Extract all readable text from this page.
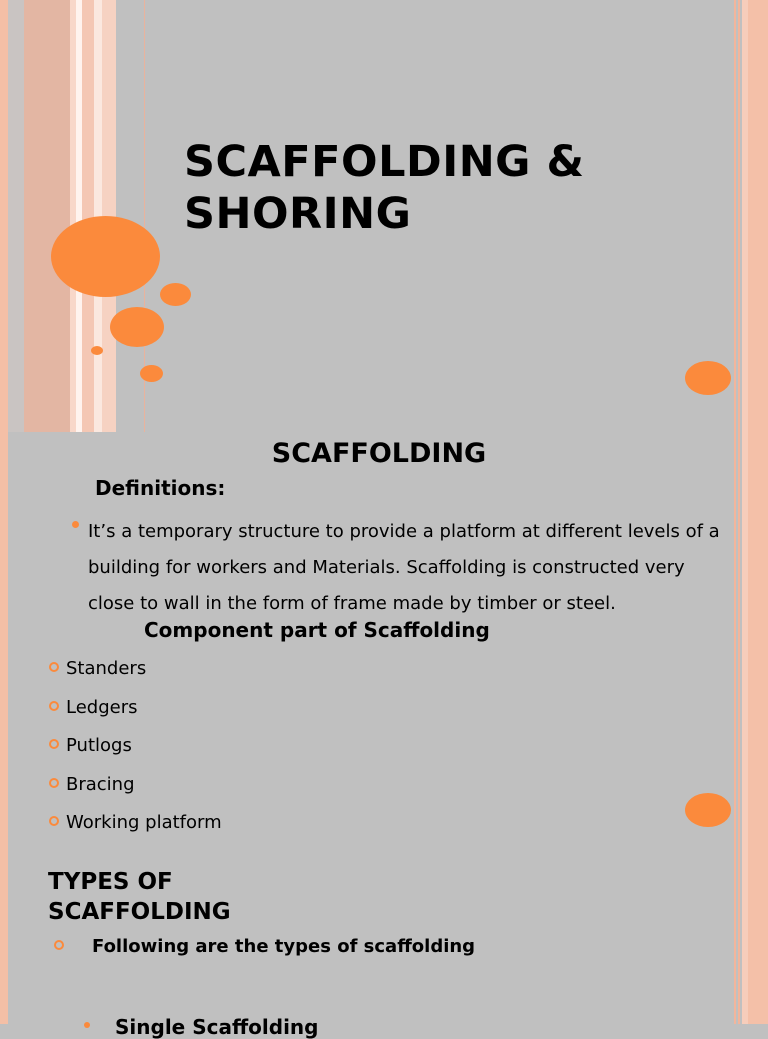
SCAFFOLDING &
SHORING
SCAFFOLDING
Definitions:

It’s a temporary structure to provide a platform at different levels of a building for workers and Materials. Scaffolding is constructed very close to wall in the form of frame made by timber or steel.

Component part of Scaffolding
Standers
Ledgers
Putlogs
Bracing
Working platform
TYPES OF
SCAFFOLDING

Following are the types of scaffolding

Single Scaffolding
